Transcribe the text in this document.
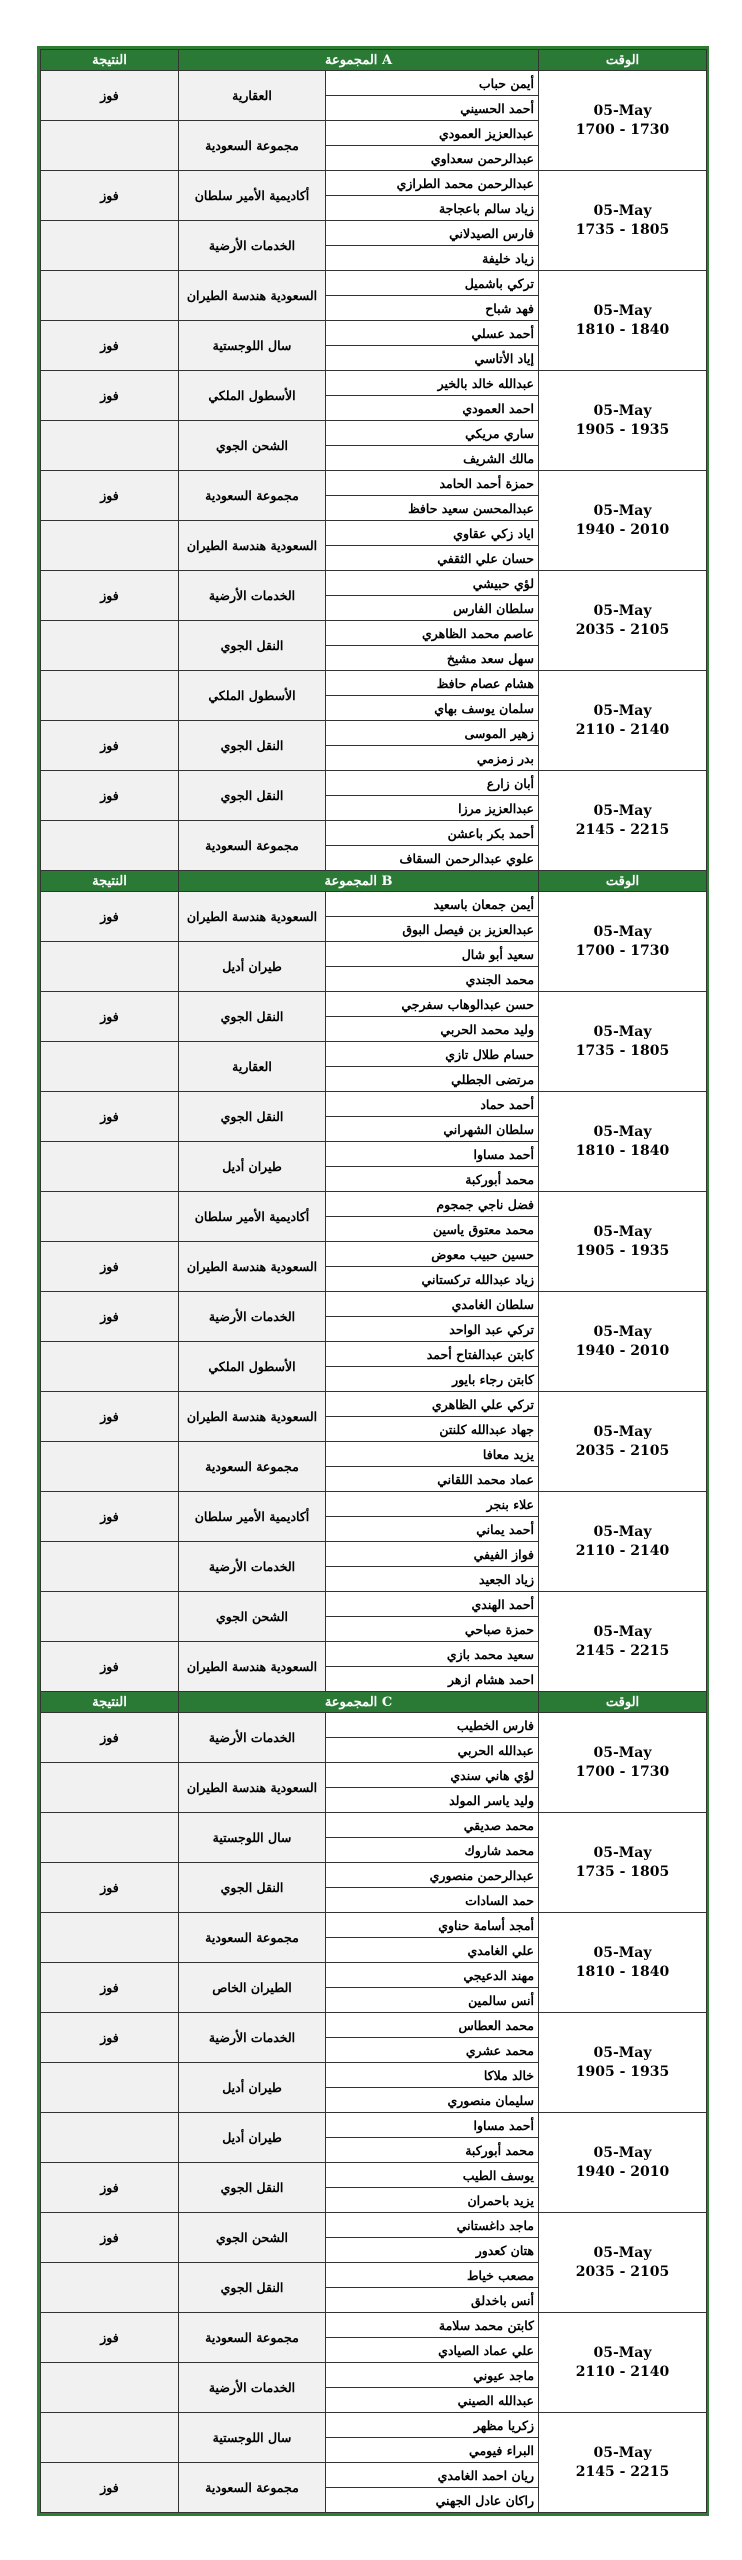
النتيجة	المجموعة A		الوقت
فوز	العقارية	أيمن حباب	05-May
1700 - 1730

		أحمد الحسيني	
	مجموعة السعودية	عبدالعزيز العمودي	
		عبدالرحمن سعداوي	
فوز	أكاديمية الأمير سلطان	عبدالرحمن محمد الطرازي	05-May
1735 - 1805

		زياد سالم باعجاجة	
	الخدمات الأرضية	فارس الصيدلاني	
		زياد خليفة	
	السعودية هندسة الطيران	تركي باشميل	05-May
1810 - 1840

		فهد شباح	
فوز	سال اللوجستية	أحمد عسلي	
		إياد الأتاسي	
فوز	الأسطول الملكي	عبدالله خالد بالخير	05-May
1905 - 1935

		احمد العمودي	
	الشحن الجوي	ساري مريكي	
		مالك الشريف	
فوز	مجموعة السعودية	حمزة أحمد الحامد	05-May
1940 - 2010

		عبدالمحسن سعيد حافظ	
	السعودية هندسة الطيران	اياد زكي عقاوي	
		حسان علي الثقفي	
فوز	الخدمات الأرضية	لؤي حبيشي	05-May
2035 - 2105

		سلطان الفارس	
	النقل الجوي	عاصم محمد الظاهري	
		سهل سعد مشيخ	
	الأسطول الملكي	هشام عصام حافظ	05-May
2110 - 2140

		سلمان يوسف بهاي	
فوز	النقل الجوي	زهير الموسى	
		بدر زمزمي	
فوز	النقل الجوي	أبان زارع	05-May
2145 - 2215

		عبدالعزيز مرزا	
	مجموعة السعودية	أحمد بكر باعشن	
		علوي عبدالرحمن السقاف	
النتيجة	المجموعة B		الوقت
فوز	السعودية هندسة الطيران	أيمن جمعان باسعيد	05-May
1700 - 1730

		عبدالعزيز بن فيصل البوق	
	طيران أديل	سعيد أبو شال	
		محمد الجندي	
فوز	النقل الجوي	حسن عبدالوهاب سفرجي	05-May
1735 - 1805

		وليد محمد الحربي	
	العقارية	حسام طلال تازي	
		مرتضى الجطلي	
فوز	النقل الجوي	أحمد حماد	05-May
1810 - 1840

		سلطان الشهراني	
	طيران أديل	أحمد مساوا	
		محمد أبوركبة	
	أكاديمية الأمير سلطان	فضل ناجي جمجوم	05-May
1905 - 1935

		محمد معتوق ياسين	
فوز	السعودية هندسة الطيران	حسين حبيب معوض	
		زياد عبدالله تركستاني	
فوز	الخدمات الأرضية	سلطان الغامدي	05-May
1940 - 2010

		تركي عبد الواحد	
	الأسطول الملكي	كابتن عبدالفتاح أحمد	
		كابتن رجاء بايور	
فوز	السعودية هندسة الطيران	تركي علي الظاهري	05-May
2035 - 2105

		جهاد عبدالله كلنتن	
	مجموعة السعودية	يزيد معافا	
		عماد محمد اللقاني	
فوز	أكاديمية الأمير سلطان	علاء بنجر	05-May
2110 - 2140

		أحمد يماني	
	الخدمات الأرضية	فواز الفيفي	
		زياد الجعيد	
	الشحن الجوي	أحمد الهندي	05-May
2145 - 2215

		حمزة صباحي	
فوز	السعودية هندسة الطيران	سعيد محمد بازي	
		احمد هشام ازهر	
النتيجة	المجموعة C		الوقت
فوز	الخدمات الأرضية	فارس الخطيب	05-May
1700 - 1730

		عبدالله الحربي	
	السعودية هندسة الطيران	لؤي هاني سندي	
		وليد ياسر المولد	
	سال اللوجستية	محمد صديقي	05-May
1735 - 1805

		محمد شاروك	
فوز	النقل الجوي	عبدالرحمن منصوري	
		حمد السادات	
	مجموعة السعودية	أمجد أسامة حناوي	05-May
1810 - 1840

		علي الغامدي	
فوز	الطيران الخاص	مهند الدعيجي	
		أنس سالمين	
فوز	الخدمات الأرضية	محمد العطاس	05-May
1905 - 1935

		محمد عشري	
	طيران أديل	خالد ملاكا	
		سليمان منصوري	
	طيران أديل	أحمد مساوا	05-May
1940 - 2010

		محمد أبوركبة	
فوز	النقل الجوي	يوسف الطيب	
		يزيد باحمران	
فوز	الشحن الجوي	ماجد داغستاني	05-May
2035 - 2105

		هتان كعدور	
	النقل الجوي	مصعب خياط	
		أنس باخدلق	
فوز	مجموعة السعودية	كابتن محمد سلامة	05-May
2110 - 2140

		علي عماد الصيادي	
	الخدمات الأرضية	ماجد عيوني	
		عبدالله الصيني	
	سال اللوجستية	زكريا مظهر	05-May
2145 - 2215

		البراء فيومي	
فوز	مجموعة السعودية	ريان احمد الغامدي	
		راكان عادل الجهني	
